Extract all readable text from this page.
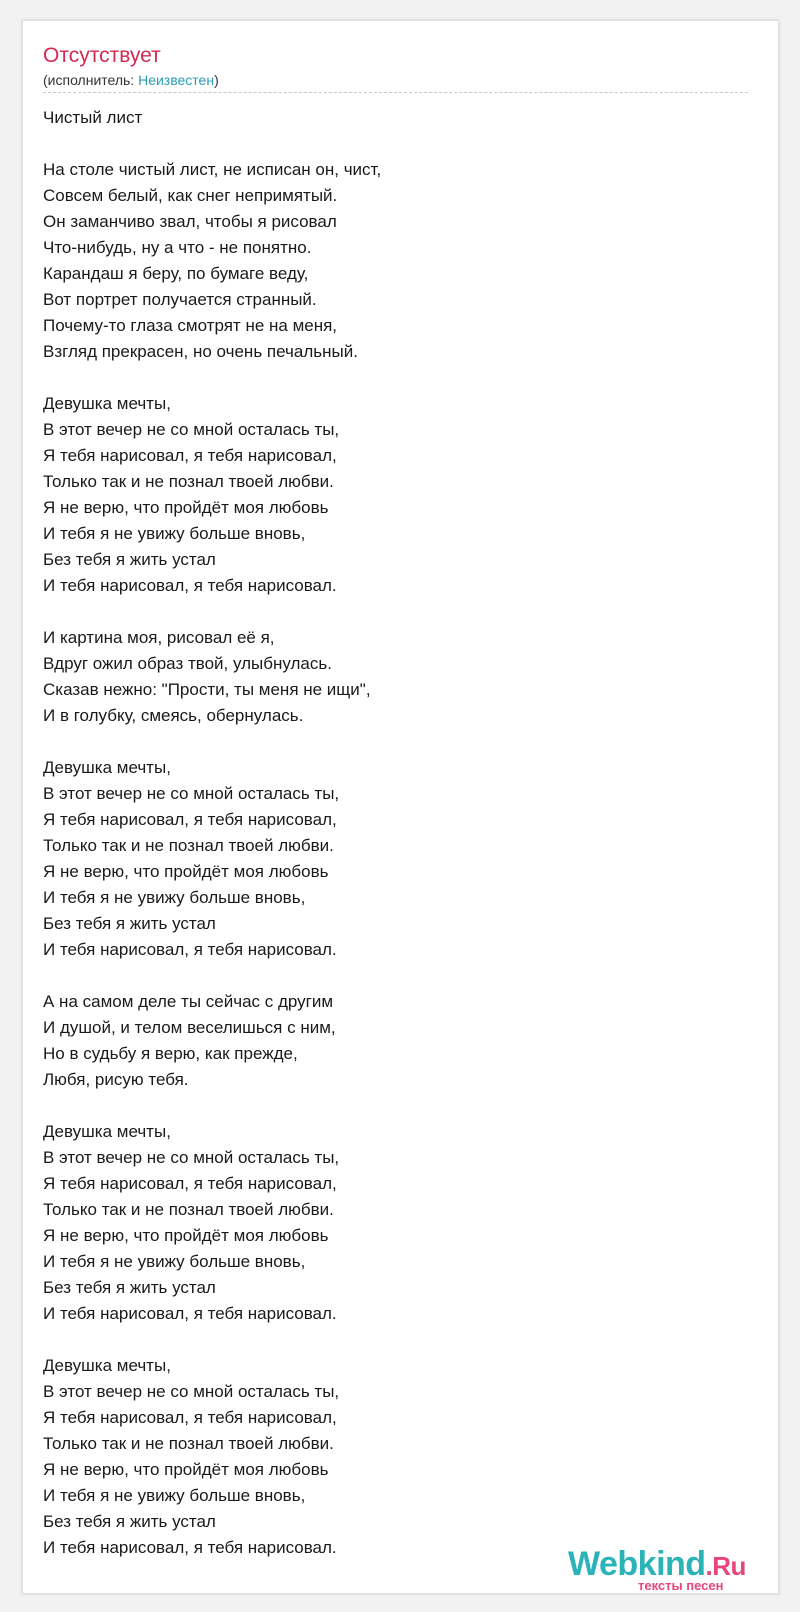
Отсутствует
(исполнитель: Неизвестен)
Чистый лист

На столе чистый лист, не исписан он, чист,
Совсем белый, как снег непримятый.
Он заманчиво звал, чтобы я рисовал
Что-нибудь, ну а что - не понятно.
Карандаш я беру, по бумаге веду,
Вот портрет получается странный.
Почему-то глаза смотрят не на меня,
Взгляд прекрасен, но очень печальный.

Девушка мечты,
В этот вечер не со мной осталась ты,
Я тебя нарисовал, я тебя нарисовал,
Только так и не познал твоей любви.
Я не верю, что пройдёт моя любовь
И тебя я не увижу больше вновь,
Без тебя я жить устал
И тебя нарисовал, я тебя нарисовал.

И картина моя, рисовал её я,
Вдруг ожил образ твой, улыбнулась.
Сказав нежно: "Прости, ты меня не ищи",
И в голубку, смеясь, обернулась.

Девушка мечты,
В этот вечер не со мной осталась ты,
Я тебя нарисовал, я тебя нарисовал,
Только так и не познал твоей любви.
Я не верю, что пройдёт моя любовь
И тебя я не увижу больше вновь,
Без тебя я жить устал
И тебя нарисовал, я тебя нарисовал.

А на самом деле ты сейчас с другим
И душой, и телом веселишься с ним,
Но в судьбу я верю, как прежде,
Любя, рисую тебя.

Девушка мечты,
В этот вечер не со мной осталась ты,
Я тебя нарисовал, я тебя нарисовал,
Только так и не познал твоей любви.
Я не верю, что пройдёт моя любовь
И тебя я не увижу больше вновь,
Без тебя я жить устал
И тебя нарисовал, я тебя нарисовал.

Девушка мечты,
В этот вечер не со мной осталась ты,
Я тебя нарисовал, я тебя нарисовал,
Только так и не познал твоей любви.
Я не верю, что пройдёт моя любовь
И тебя я не увижу больше вновь,
Без тебя я жить устал
И тебя нарисовал, я тебя нарисовал.	Webkind.Ru
тексты песен
